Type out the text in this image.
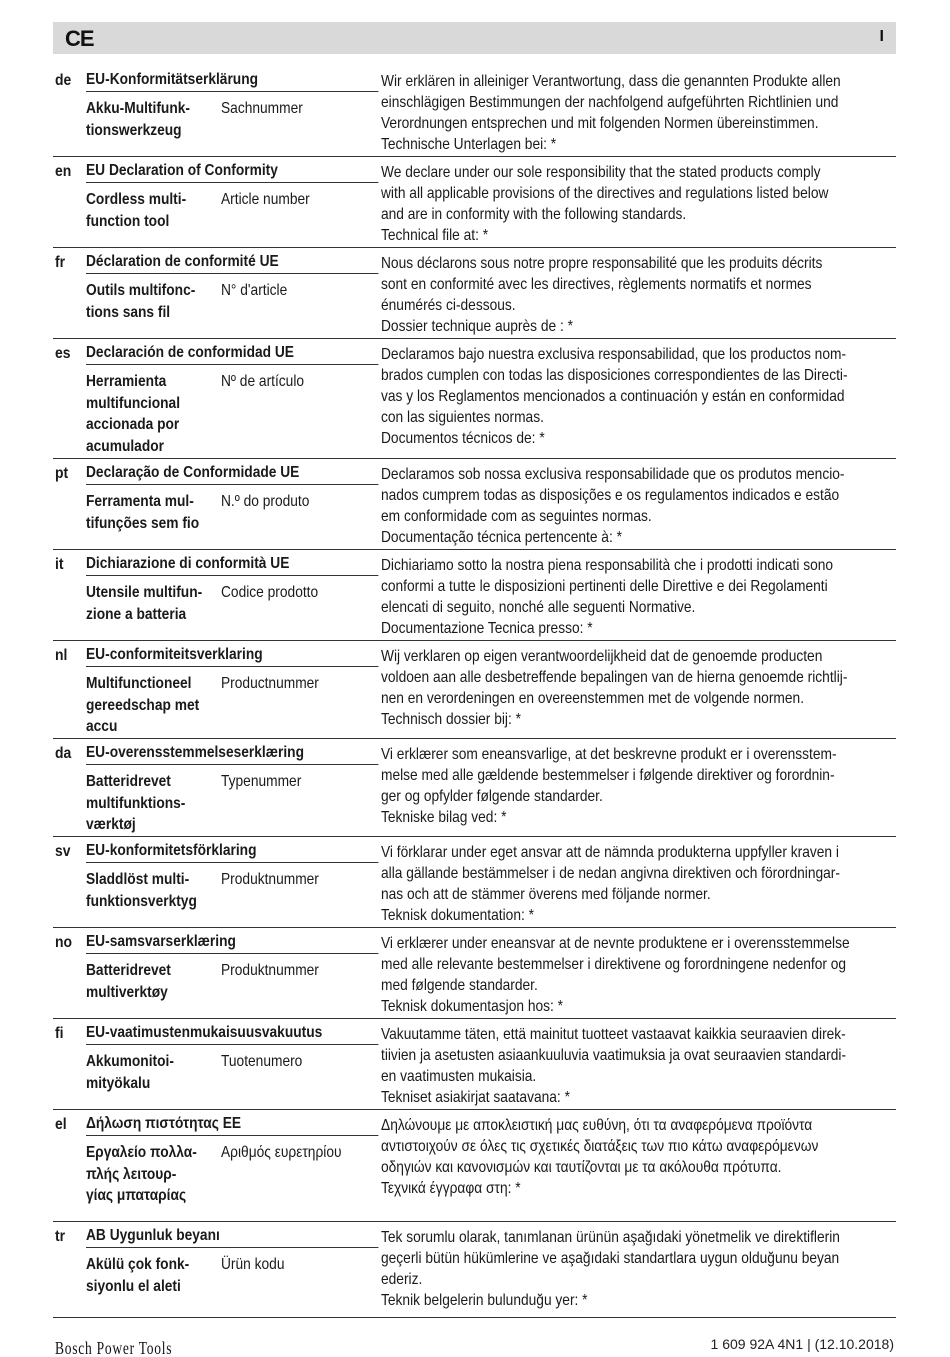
CE	I
de EU-Konformitätserklärung
Akku-Multifunk-
tionswerkzeug
Sachnummer

Wir erklären in alleiniger Verantwortung, dass die genannten Produkte allen

einschlägigen Bestimmungen der nachfolgend aufgeführten Richtlinien und

Verordnungen entsprechen und mit folgenden Normen übereinstimmen.

Technische Unterlagen bei: *

en EU Declaration of Conformity
Cordless multi-
function tool
Article number

We declare under our sole responsibility that the stated products comply

with all applicable provisions of the directives and regulations listed below

and are in conformity with the following standards.

Technical file at: *

fr Déclaration de conformité UE
Outils multifonc-
tions sans fil
N° d'article

Nous déclarons sous notre propre responsabilité que les produits décrits

sont en conformité avec les directives, règlements normatifs et normes

énumérés ci-dessous.

Dossier technique auprès de : *

es Declaración de conformidad UE
Herramienta
multifuncional
accionada por
acumulador
Nº de artículo

Declaramos bajo nuestra exclusiva responsabilidad, que los productos nom-

brados cumplen con todas las disposiciones correspondientes de las Directi-

vas y los Reglamentos mencionados a continuación y están en conformidad

con las siguientes normas.

Documentos técnicos de: *

pt Declaração de Conformidade UE
Ferramenta mul-
tifunções sem fio
N.º do produto

Declaramos sob nossa exclusiva responsabilidade que os produtos mencio-

nados cumprem todas as disposições e os regulamentos indicados e estão

em conformidade com as seguintes normas.

Documentação técnica pertencente à: *

it Dichiarazione di conformità UE
Utensile multifun-
zione a batteria
Codice prodotto

Dichiariamo sotto la nostra piena responsabilità che i prodotti indicati sono

conformi a tutte le disposizioni pertinenti delle Direttive e dei Regolamenti

elencati di seguito, nonché alle seguenti Normative.

Documentazione Tecnica presso: *

nl EU-conformiteitsverklaring
Multifunctioneel
gereedschap met
accu
Productnummer

Wij verklaren op eigen verantwoordelijkheid dat de genoemde producten

voldoen aan alle desbetreffende bepalingen van de hierna genoemde richtlij-

nen en verordeningen en overeenstemmen met de volgende normen.

Technisch dossier bij: *

da EU-overensstemmelseserklæring
Batteridrevet
multifunktions-
værktøj
Typenummer

Vi erklærer som eneansvarlige, at det beskrevne produkt er i overensstem-

melse med alle gældende bestemmelser i følgende direktiver og forordnin-

ger og opfylder følgende standarder.

Tekniske bilag ved: *

sv EU-konformitetsförklaring
Sladdlöst multi-
funktionsverktyg
Produktnummer

Vi förklarar under eget ansvar att de nämnda produkterna uppfyller kraven i

alla gällande bestämmelser i de nedan angivna direktiven och förordningar-

nas och att de stämmer överens med följande normer.

Teknisk dokumentation: *

no EU-samsvarserklæring
Batteridrevet
multiverktøy
Produktnummer

Vi erklærer under eneansvar at de nevnte produktene er i overensstemmelse

med alle relevante bestemmelser i direktivene og forordningene nedenfor og

med følgende standarder.

Teknisk dokumentasjon hos: *

fi EU-vaatimustenmukaisuusvakuutus
Akkumonitoi-
mityökalu
Tuotenumero

Vakuutamme täten, että mainitut tuotteet vastaavat kaikkia seuraavien direk-

tiivien ja asetusten asiaankuuluvia vaatimuksia ja ovat seuraavien standardi-

en vaatimusten mukaisia.

Tekniset asiakirjat saatavana: *

el Δήλωση πιστότητας ΕΕ
Εργαλείο πολλα-
πλής λειτουρ-
γίας μπαταρίας
Αριθμός ευρετηρίου

Δηλώνουμε με αποκλειστική μας ευθύνη, ότι τα αναφερόμενα προϊόντα

αντιστοιχούν σε όλες τις σχετικές διατάξεις των πιο κάτω αναφερόμενων

οδηγιών και κανονισμών και ταυτίζονται με τα ακόλουθα πρότυπα.

Τεχνικά έγγραφα στη: *

tr AB Uygunluk beyanı
Akülü çok fonk-
siyonlu el aleti
Ürün kodu

Tek sorumlu olarak, tanımlanan ürünün aşağıdaki yönetmelik ve direktiflerin

geçerli bütün hükümlerine ve aşağıdaki standartlara uygun olduğunu beyan

ederiz.

Teknik belgelerin bulunduğu yer: *

Bosch Power Tools	1 609 92A 4N1 | (12.10.2018)
